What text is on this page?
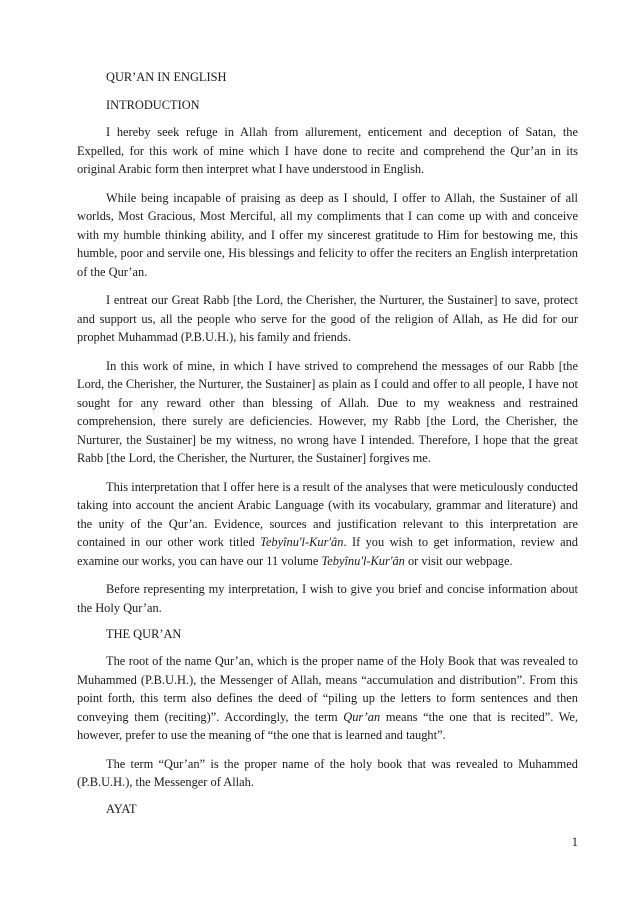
QUR’AN IN ENGLISH
INTRODUCTION

I hereby seek refuge in Allah from allurement, enticement and deception of Satan, the Expelled, for this work of mine which I have done to recite and comprehend the Qur’an in its original Arabic form then interpret what I have understood in English.

While being incapable of praising as deep as I should, I offer to Allah, the Sustainer of all worlds, Most Gracious, Most Merciful, all my compliments that I can come up with and conceive with my humble thinking ability, and I offer my sincerest gratitude to Him for bestowing me, this humble, poor and servile one, His blessings and felicity to offer the reciters an English interpretation of the Qur’an.

I entreat our Great Rabb [the Lord, the Cherisher, the Nurturer, the Sustainer] to save, protect and support us, all the people who serve for the good of the religion of Allah, as He did for our prophet Muhammad (P.B.U.H.), his family and friends.

In this work of mine, in which I have strived to comprehend the messages of our Rabb [the Lord, the Cherisher, the Nurturer, the Sustainer] as plain as I could and offer to all people, I have not sought for any reward other than blessing of Allah. Due to my weakness and restrained comprehension, there surely are deficiencies. However, my Rabb [the Lord, the Cherisher, the Nurturer, the Sustainer] be my witness, no wrong have I intended. Therefore, I hope that the great Rabb [the Lord, the Cherisher, the Nurturer, the Sustainer] forgives me.

This interpretation that I offer here is a result of the analyses that were meticulously conducted taking into account the ancient Arabic Language (with its vocabulary, grammar and literature) and the unity of the Qur’an. Evidence, sources and justification relevant to this interpretation are contained in our other work titled Tebyînu'l-Kur'ân. If you wish to get information, review and examine our works, you can have our 11 volume Tebyînu'l-Kur'ân or visit our webpage.

Before representing my interpretation, I wish to give you brief and concise information about the Holy Qur’an.

THE QUR’AN

The root of the name Qur’an, which is the proper name of the Holy Book that was revealed to Muhammed (P.B.U.H.), the Messenger of Allah, means “accumulation and distribution”. From this point forth, this term also defines the deed of “piling up the letters to form sentences and then conveying them (reciting)”. Accordingly, the term Qur’an means “the one that is recited”. We, however, prefer to use the meaning of “the one that is learned and taught”.

The term “Qur’an” is the proper name of the holy book that was revealed to Muhammed (P.B.U.H.), the Messenger of Allah.

AYAT
1
